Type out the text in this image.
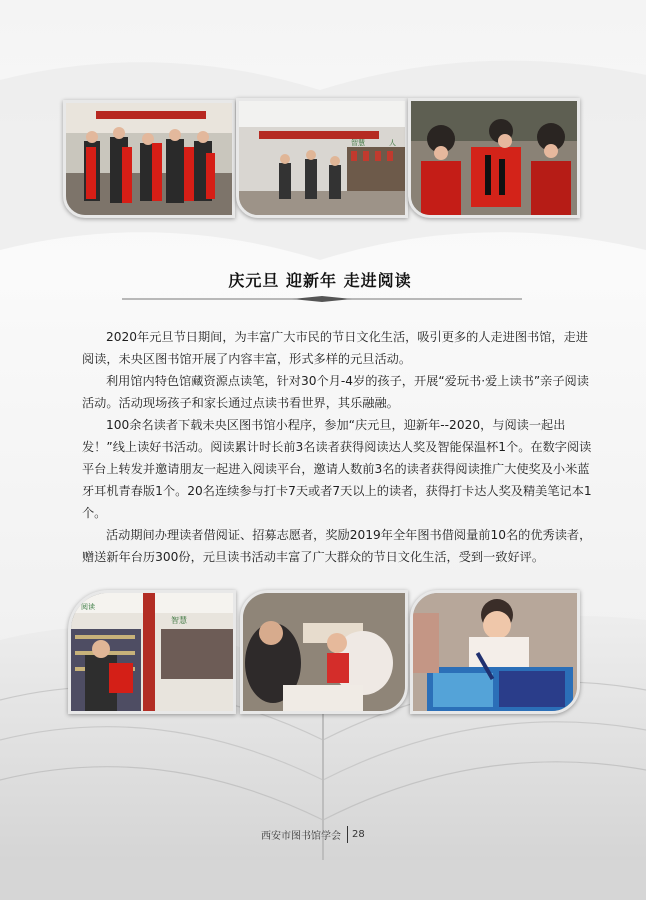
智慧	人
庆元旦 迎新年 走进阅读

2020年元旦节日期间，为丰富广大市民的节日文化生活，吸引更多的人走进图书馆，走进阅读，未央区图书馆开展了内容丰富，形式多样的元旦活动。

利用馆内特色馆藏资源点读笔，针对30个月-4岁的孩子，开展“爱玩书·爱上读书”亲子阅读活动。活动现场孩子和家长通过点读书看世界，其乐融融。

100余名读者下载未央区图书馆小程序，参加“庆元旦，迎新年--2020，与阅读一起出发！”线上读好书活动。阅读累计时长前3名读者获得阅读达人奖及智能保温杯1个。在数字阅读平台上转发并邀请朋友一起进入阅读平台，邀请人数前3名的读者获得阅读推广大使奖及小米蓝牙耳机青春版1个。20名连续参与打卡7天或者7天以上的读者，获得打卡达人奖及精美笔记本1个。

活动期间办理读者借阅证、招募志愿者，奖励2019年全年图书借阅量前10名的优秀读者，赠送新年台历300份，元旦读书活动丰富了广大群众的节日文化生活，受到一致好评。

阅读
智慧
西安市图书馆学会	28
